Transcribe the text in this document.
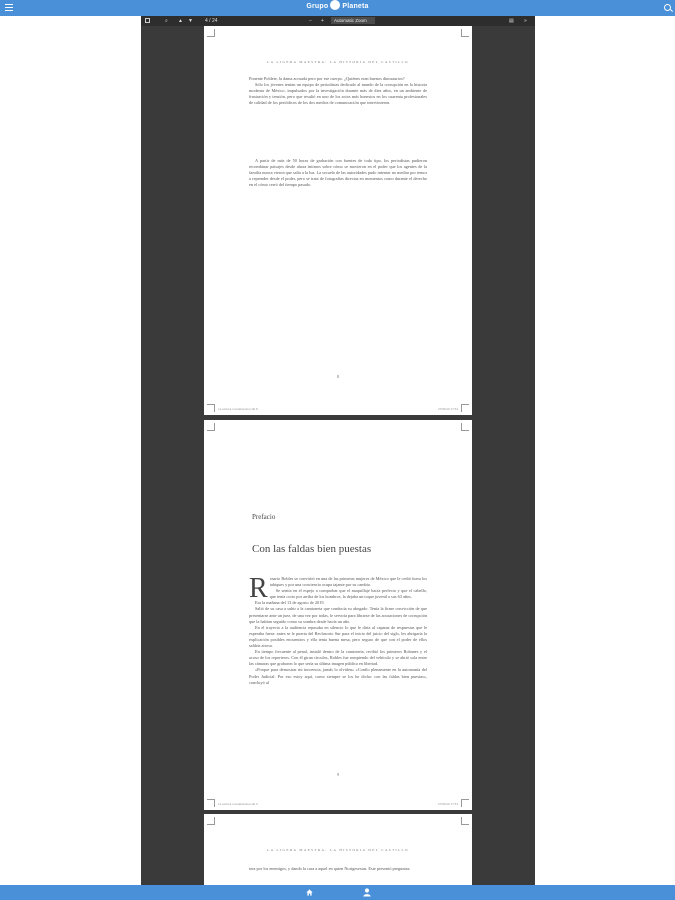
Grupo Planeta
⌕ ▲ ▼ 4 / 24	− +	Automatic Zoom	▤ »
LA LIGERA MAESTRA: LA HISTORIA DEL CASTILLO

Ponente Poblete, la dama acosada pero por ese cuerpo. ¿Quiénes eran buenos dinosaurios?

Sólo los jóvenes tenían un equipo de periodistas dedicado al mundo de la corrupción en la historia moderna de México, impulsados por la investigación durante más de diez años, en un ambiente de frustración y tensión, pero que resultó en uno de los actos más honestos en los cuarenta profesionales de calidad de los periódicos de los dos medios de comunicación que intervinieron.

A partir de más de 50 horas de grabación con fuentes de todo tipo, los periodistas pudieron recombinar paisajes desde ahora íntimos sobre cómo se movieron en el poder que los agentes de la familia nunca vieron que salía a la luz. La secuela de las autoridades pudo intentar no mediar por temor a reprender desde el poder, pero se trata de fotografías directas en momentos como durante el derecho en el cómo cerró del tiempo pasado.

8
La señora rocolabanda.indd 8	27/06/19 17:54
Prefacio
Con las faldas bien puestas

Rosario Robles se convirtió en una de las primeras mujeres de México que le cedió fuera los tabiques y por una conciencia ocupa tajante por su cambio.

Se sentía en el espejo a comprobar que el maquillaje hacía perfecto y que el cabello, que tenía corto por arriba de los hombros, la dejaba un toque juvenil a sus 63 años.

Era la mañana del 13 de agosto de 2019.

Salió de su casa a subir a la camioneta que conducía su abogado. Tenía la firme convicción de que presentarse ante un juez, de una vez por todas, le serviría para librarse de las acusaciones de corrupción que la habían seguido como su sombra desde hacía un año.

En el trayecto a la audiencia repasaba en silencio lo que le diría al capataz de respuestas que le esperaba fuera: antes se le puerta del Reclusorio Sur para el inicio del juicio del siglo, les abrigaría la explicación posibles encuentros y ella tenía buena mesa, pero seguro de que con el poder de ellos saldría airosa.

En tiempo frecuente al penal, instaló dentro de la camioneta, recibió los primeros Robanes y el acoso de los reporteros. Con él giran círculos, Robles fue rompiendo del vehículo y se abrió sola entre las cámaras que grabaron lo que sería su última imagen pública en libertad.

«Porque para demostrar mi inocencia, jamás lo olviden» «Confío plenamente en la autonomía del Poder Judicial. Por eso estoy aquí, como siempre se los he dicho: con las faldas bien puestas», concluyó al

9
La señora rocolabanda.indd 9	27/06/19 17:54
LA LIGERA MAESTRA: LA HISTORIA DEL CASTILLO

tera por los enemigos, y dando la cara a aquel en quien Nortgesesias. Este presentó preguntas:
